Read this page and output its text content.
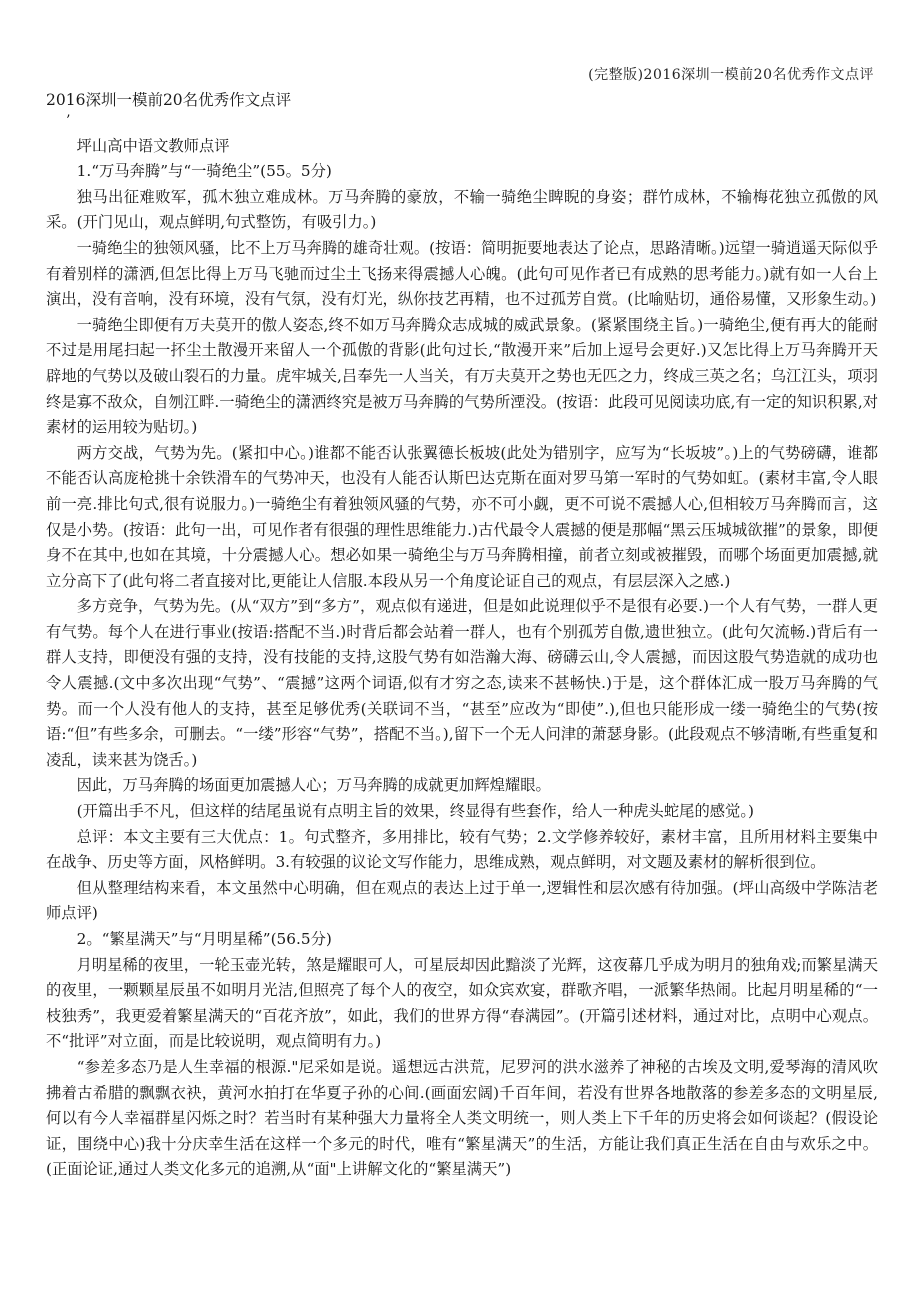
(完整版)2016深圳一模前20名优秀作文点评

2016深圳一模前20名优秀作文点评

’

坪山高中语文教师点评

1.“万马奔腾”与“一骑绝尘”(55。5分)

独马出征难败军，孤木独立难成林。万马奔腾的豪放，不输一骑绝尘睥睨的身姿；群竹成林，不输梅花独立孤傲的风采。(开门见山，观点鲜明,句式整饬，有吸引力。)

一骑绝尘的独领风骚，比不上万马奔腾的雄奇壮观。(按语：简明扼要地表达了论点，思路清晰。)远望一骑逍遥天际似乎有着别样的潇洒,但怎比得上万马飞驰而过尘土飞扬来得震撼人心魄。(此句可见作者已有成熟的思考能力。)就有如一人台上演出，没有音响，没有环境，没有气氛，没有灯光，纵你技艺再精，也不过孤芳自赏。(比喻贴切，通俗易懂，又形象生动。)

一骑绝尘即便有万夫莫开的傲人姿态,终不如万马奔腾众志成城的威武景象。(紧紧围绕主旨。)一骑绝尘,便有再大的能耐不过是用尾扫起一抔尘土散漫开来留人一个孤傲的背影(此句过长,“散漫开来”后加上逗号会更好.)又怎比得上万马奔腾开天辟地的气势以及破山裂石的力量。虎牢城关,吕奉先一人当关，有万夫莫开之势也无匹之力，终成三英之名；乌江江头，项羽终是寡不敌众，自刎江畔.一骑绝尘的潇洒终究是被万马奔腾的气势所湮没。(按语：此段可见阅读功底,有一定的知识积累,对素材的运用较为贴切。)

两方交战，气势为先。(紧扣中心。)谁都不能否认张翼德长板坡(此处为错别字，应写为“长坂坡”。)上的气势磅礴，谁都不能否认高庞枪挑十余铁滑车的气势冲天，也没有人能否认斯巴达克斯在面对罗马第一军时的气势如虹。(素材丰富,令人眼前一亮.排比句式,很有说服力。)一骑绝尘有着独领风骚的气势，亦不可小觑，更不可说不震撼人心,但相较万马奔腾而言，这仅是小势。(按语：此句一出，可见作者有很强的理性思维能力.)古代最令人震撼的便是那幅“黑云压城城欲摧”的景象，即便身不在其中,也如在其境，十分震撼人心。想必如果一骑绝尘与万马奔腾相撞，前者立刻或被摧毁，而哪个场面更加震撼,就立分高下了(此句将二者直接对比,更能让人信服.本段从另一个角度论证自己的观点，有层层深入之感.)

多方竞争，气势为先。(从“双方”到“多方”，观点似有递进，但是如此说理似乎不是很有必要.)一个人有气势，一群人更有气势。每个人在进行事业(按语:搭配不当.)时背后都会站着一群人，也有个别孤芳自傲,遗世独立。(此句欠流畅.)背后有一群人支持，即便没有强的支持，没有技能的支持,这股气势有如浩瀚大海、磅礴云山,令人震撼，而因这股气势造就的成功也令人震撼.(文中多次出现“气势”、“震撼”这两个词语,似有才穷之态,读来不甚畅快.)于是，这个群体汇成一股万马奔腾的气势。而一个人没有他人的支持，甚至足够优秀(关联词不当，“甚至”应改为“即使”.),但也只能形成一缕一骑绝尘的气势(按语:“但”有些多余，可删去。“一缕”形容“气势”，搭配不当。),留下一个无人问津的萧瑟身影。(此段观点不够清晰,有些重复和凌乱，读来甚为饶舌。)

因此，万马奔腾的场面更加震撼人心；万马奔腾的成就更加辉煌耀眼。

(开篇出手不凡，但这样的结尾虽说有点明主旨的效果，终显得有些套作，给人一种虎头蛇尾的感觉。)

总评：本文主要有三大优点：1。句式整齐，多用排比，较有气势；2.文学修养较好，素材丰富，且所用材料主要集中在战争、历史等方面，风格鲜明。3.有较强的议论文写作能力，思维成熟，观点鲜明，对文题及素材的解析很到位。

但从整理结构来看，本文虽然中心明确，但在观点的表达上过于单一,逻辑性和层次感有待加强。(坪山高级中学陈洁老师点评)

2。“繁星满天”与“月明星稀”(56.5分)

月明星稀的夜里，一轮玉壶光转，煞是耀眼可人，可星辰却因此黯淡了光辉，这夜幕几乎成为明月的独角戏;而繁星满天的夜里，一颗颗星辰虽不如明月光洁,但照亮了每个人的夜空，如众宾欢宴，群歌齐唱，一派繁华热闹。比起月明星稀的“一枝独秀”，我更爱着繁星满天的“百花齐放”，如此，我们的世界方得“春满园”。(开篇引述材料，通过对比，点明中心观点。不“批评”对立面，而是比较说明，观点简明有力。)

“参差多态乃是人生幸福的根源."尼采如是说。遥想远古洪荒，尼罗河的洪水滋养了神秘的古埃及文明,爱琴海的清风吹拂着古希腊的飘飘衣袂，黄河水拍打在华夏子孙的心间.(画面宏阔)千百年间，若没有世界各地散落的参差多态的文明星辰,何以有今人幸福群星闪烁之时？若当时有某种强大力量将全人类文明统一，则人类上下千年的历史将会如何谈起？(假设论证，围绕中心)我十分庆幸生活在这样一个多元的时代，唯有“繁星满天”的生活，方能让我们真正生活在自由与欢乐之中。(正面论证,通过人类文化多元的追溯,从“面"上讲解文化的“繁星满天”)
